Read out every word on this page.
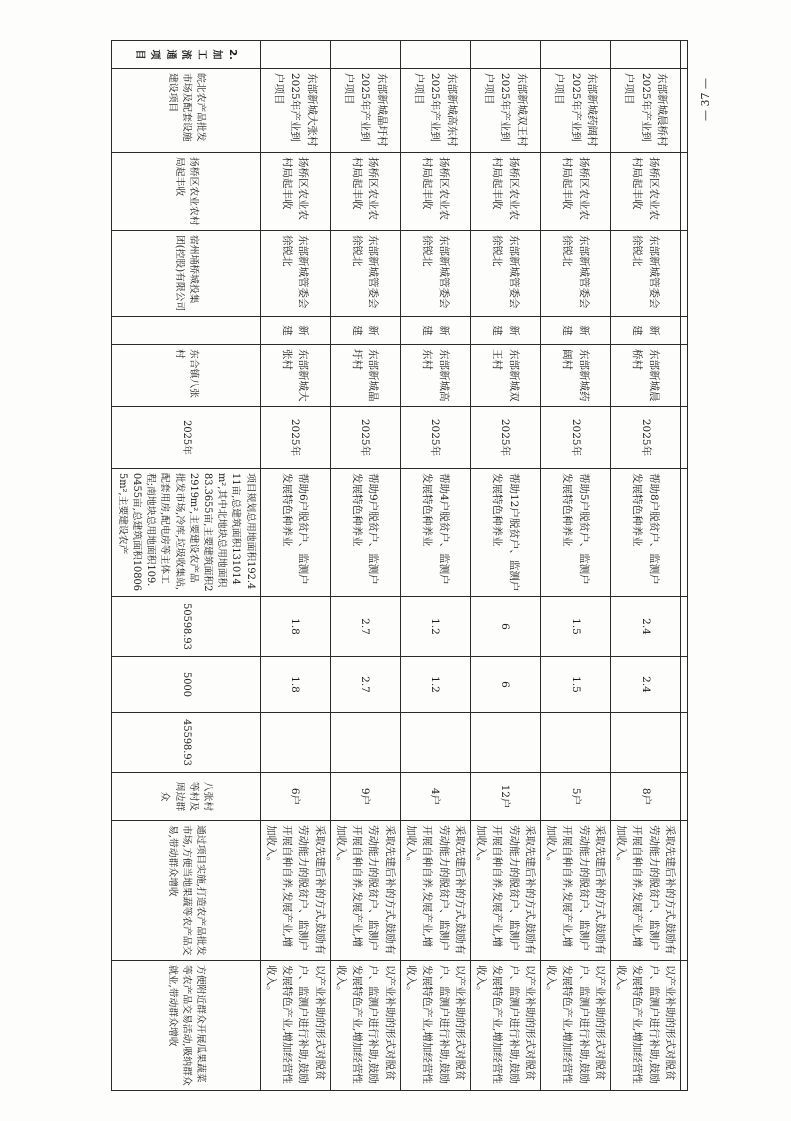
	东部新城晨桥村2025年产业到户项目	扬桥区农业农村局起丰收	东部新城管委会徐锐北	新建	东部新城晨桥村	2025年	帮助8户脱贫户、监测户发展特色种养业	2.4	2.4		8户	采取先建后补的方式,鼓励有劳动能力的脱贫户、监测户开展自种自养,发展产业,增加收入。	以产业补助的形式对脱贫户、监测户进行补助,鼓励发展特色产业,增加经营性收入。
	东部新城药阔村2025年产业到户项目	扬桥区农业农村局起丰收	东部新城管委会徐锐北	新建	东部新城药阔村	2025年	帮助5户脱贫户、监测户发展特色种养业	1.5	1.5		5户	采取先建后补的方式,鼓励有劳动能力的脱贫户、监测户开展自种自养,发展产业,增加收入。	以产业补助的形式对脱贫户、监测户进行补助,鼓励发展特色产业,增加经营性收入。
	东部新城双王村2025年产业到户项目	扬桥区农业农村局起丰收	东部新城管委会徐锐北	新建	东部新城双王村	2025年	帮助12户脱贫户、监测户发展特色种养业	6	6		12户	采取先建后补的方式,鼓励有劳动能力的脱贫户、监测户开展自种自养,发展产业,增加收入。	以产业补助的形式对脱贫户、监测户进行补助,鼓励发展特色产业,增加经营性收入。
	东部新城高东村2025年产业到户项目	扬桥区农业农村局起丰收	东部新城管委会徐锐北	新建	东部新城高东村	2025年	帮助4户脱贫户、监测户发展特色种养业	1.2	1.2		4户	采取先建后补的方式,鼓励有劳动能力的脱贫户、监测户开展自种自养,发展产业,增加收入。	以产业补助的形式对脱贫户、监测户进行补助,鼓励发展特色产业,增加经营性收入。
	东部新城晶圩村2025年产业到户项目	扬桥区农业农村局起丰收	东部新城管委会徐锐北	新建	东部新城晶圩村	2025年	帮助9户脱贫户、监测户发展特色种养业	2.7	2.7		9户	采取先建后补的方式,鼓励有劳动能力的脱贫户、监测户开展自种自养,发展产业,增加收入。	以产业补助的形式对脱贫户、监测户进行补助,鼓励发展特色产业,增加经营性收入。
	东部新城大张村2025年产业到户项目	扬桥区农业农村局起丰收	东部新城管委会徐锐北	新建	东部新城大张村	2025年	帮助6户脱贫户、监测户发展特色种养业	1.8	1.8		6户	采取先建后补的方式,鼓励有劳动能力的脱贫户、监测户开展自种自养,发展产业,增加收入。	以产业补助的形式对脱贫户、监测户进行补助,鼓励发展特色产业,增加经营性收入。
2.加工流通项目	皖北农产品批发市场及配套设施建设项目	扬桥区农业农村局起丰收	宿州埇桥城投集团(控股)有限公司		东合镇八张村	2025年	项目规划总用地面积192.411亩,总建筑面积131014m²,其中北地块总用地面积83.3655亩,主要建筑面积22919m²,主要建设农产品批发市场,冷库,垃圾收集站,配套用房,配电房等主体工程;南地块总用地面积109.0455亩,总建筑面积108065m²,主要建设农产	50598.93	5000	45598.93	八张村等村及周边群众	通过项目实施,打造农产品批发市场,方便当地果蔬等农产品交易,带动群众增收	方便附近群众开展瓜果蔬菜等农产品交易活动,吸纳群众就业,带动群众增收
— 37 —
